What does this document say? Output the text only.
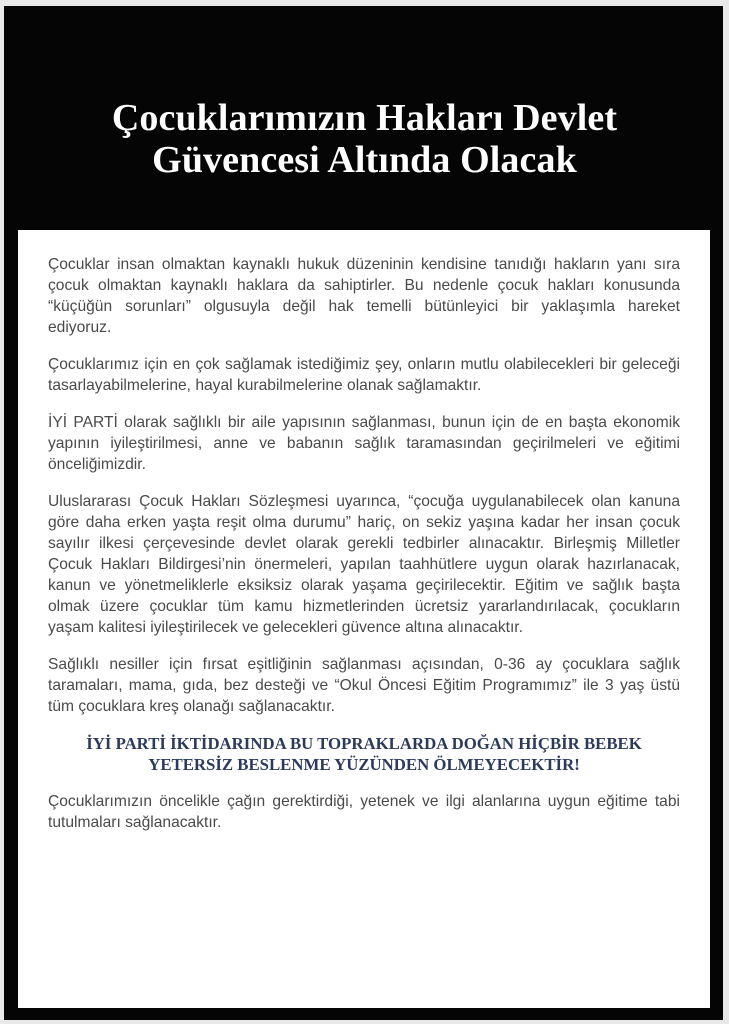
Çocuklarımızın Hakları Devlet
Güvencesi Altında Olacak

Çocuklar insan olmaktan kaynaklı hukuk düzeninin kendisine tanıdığı hakların yanı sıra çocuk olmaktan kaynaklı haklara da sahiptirler. Bu nedenle çocuk hakları konusunda “küçüğün sorunları” olgusuyla değil hak temelli bütünleyici bir yaklaşımla hareket ediyoruz.

Çocuklarımız için en çok sağlamak istediğimiz şey, onların mutlu olabilecekleri bir geleceği tasarlayabilmelerine, hayal kurabilmelerine olanak sağlamaktır.

İYİ PARTİ olarak sağlıklı bir aile yapısının sağlanması, bunun için de en başta ekonomik yapının iyileştirilmesi, anne ve babanın sağlık taramasından geçirilmeleri ve eğitimi önceliğimizdir.

Uluslararası Çocuk Hakları Sözleşmesi uyarınca, “çocuğa uygulanabilecek olan kanuna göre daha erken yaşta reşit olma durumu” hariç, on sekiz yaşına kadar her insan çocuk sayılır ilkesi çerçevesinde devlet olarak gerekli tedbirler alınacaktır. Birleşmiş Milletler Çocuk Hakları Bildirgesi’nin önermeleri, yapılan taahhütlere uygun olarak hazırlanacak, kanun ve yönetmeliklerle eksiksiz olarak yaşama geçirilecektir. Eğitim ve sağlık başta olmak üzere çocuklar tüm kamu hizmetlerinden ücretsiz yararlandırılacak, çocukların yaşam kalitesi iyileştirilecek ve gelecekleri güvence altına alınacaktır.

Sağlıklı nesiller için fırsat eşitliğinin sağlanması açısından, 0-36 ay çocuklara sağlık taramaları, mama, gıda, bez desteği ve “Okul Öncesi Eğitim Programımız” ile 3 yaş üstü tüm çocuklara kreş olanağı sağlanacaktır.

İYİ PARTİ İKTİDARINDA BU TOPRAKLARDA DOĞAN HİÇBİR BEBEK
YETERSİZ BESLENME YÜZÜNDEN ÖLMEYECEKTİR!

Çocuklarımızın öncelikle çağın gerektirdiği, yetenek ve ilgi alanlarına uygun eğitime tabi tutulmaları sağlanacaktır.
